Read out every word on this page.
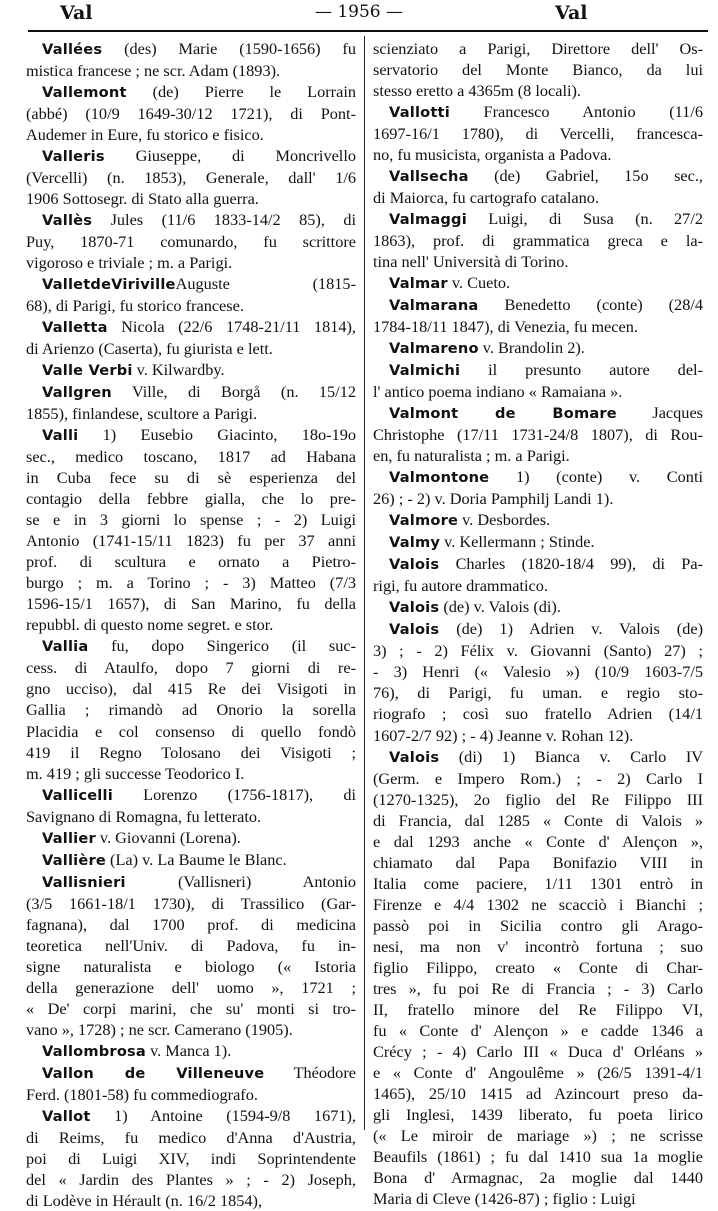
Val	— 1956 —	Val
Vallées (des) Marie (1590-1656) fu
mistica francese ; ne scr. Adam (1893).
Vallemont (de) Pierre le Lorrain
(abbé) (10/9 1649-30/12 1721), di Pont-
Audemer in Eure, fu storico e fisico.
Valleris Giuseppe, di Moncrivello
(Vercelli) (n. 1853), Generale, dall' 1/6
1906 Sottosegr. di Stato alla guerra.
Vallès Jules (11/6 1833-14/2 85), di
Puy, 1870-71 comunardo, fu scrittore
vigoroso e triviale ; m. a Parigi.
ValletdeVirivilleAuguste (1815-
68), di Parigi, fu storico francese.
Valletta Nicola (22/6 1748-21/11 1814),
di Arienzo (Caserta), fu giurista e lett.
Valle Verbi v. Kilwardby.
Vallgren Ville, di Borgå (n. 15/12
1855), finlandese, scultore a Parigi.
Valli 1) Eusebio Giacinto, 18o-19o
sec., medico toscano, 1817 ad Habana
in Cuba fece su di sè esperienza del
contagio della febbre gialla, che lo pre-
se e in 3 giorni lo spense ; - 2) Luigi
Antonio (1741-15/11 1823) fu per 37 anni
prof. di scultura e ornato a Pietro-
burgo ; m. a Torino ; - 3) Matteo (7/3
1596-15/1 1657), di San Marino, fu della
repubbl. di questo nome segret. e stor.
Vallia fu, dopo Singerico (il suc-
cess. di Ataulfo, dopo 7 giorni di re-
gno ucciso), dal 415 Re dei Visigoti in
Gallia ; rimandò ad Onorio la sorella
Placidia e col consenso di quello fondò
419 il Regno Tolosano dei Visigoti ;
m. 419 ; gli successe Teodorico I.
Vallicelli Lorenzo (1756-1817), di
Savignano di Romagna, fu letterato.
Vallier v. Giovanni (Lorena).
Vallière (La) v. La Baume le Blanc.
Vallisnieri (Vallisneri) Antonio
(3/5 1661-18/1 1730), di Trassilico (Gar-
fagnana), dal 1700 prof. di medicina
teoretica nell'Univ. di Padova, fu in-
signe naturalista e biologo (« Istoria
della generazione dell' uomo », 1721 ;
« De' corpi marini, che su' monti si tro-
vano », 1728) ; ne scr. Camerano (1905).
Vallombrosa v. Manca 1).
Vallon de Villeneuve Théodore
Ferd. (1801-58) fu commediografo.
Vallot 1) Antoine (1594-9/8 1671),
di Reims, fu medico d'Anna d'Austria,
poi di Luigi XIV, indi Soprintendente
del « Jardin des Plantes » ; - 2) Joseph,
di Lodève in Hérault (n. 16/2 1854),
scienziato a Parigi, Direttore dell' Os-
servatorio del Monte Bianco, da lui
stesso eretto a 4365m (8 locali).
Vallotti Francesco Antonio (11/6
1697-16/1 1780), di Vercelli, francesca-
no, fu musicista, organista a Padova.
Vallsecha (de) Gabriel, 15o sec.,
di Maiorca, fu cartografo catalano.
Valmaggi Luigi, di Susa (n. 27/2
1863), prof. di grammatica greca e la-
tina nell' Università di Torino.
Valmar v. Cueto.
Valmarana Benedetto (conte) (28/4
1784-18/11 1847), di Venezia, fu mecen.
Valmareno v. Brandolin 2).
Valmichi il presunto autore del-
l' antico poema indiano « Ramaiana ».
Valmont de Bomare Jacques
Christophe (17/11 1731-24/8 1807), di Rou-
en, fu naturalista ; m. a Parigi.
Valmontone 1) (conte) v. Conti
26) ; - 2) v. Doria Pamphilj Landi 1).
Valmore v. Desbordes.
Valmy v. Kellermann ; Stinde.
Valois Charles (1820-18/4 99), di Pa-
rigi, fu autore drammatico.
Valois (de) v. Valois (di).
Valois (de) 1) Adrien v. Valois (de)
3) ; - 2) Félix v. Giovanni (Santo) 27) ;
- 3) Henri (« Valesio ») (10/9 1603-7/5
76), di Parigi, fu uman. e regio sto-
riografo ; così suo fratello Adrien (14/1
1607-2/7 92) ; - 4) Jeanne v. Rohan 12).
Valois (di) 1) Bianca v. Carlo IV
(Germ. e Impero Rom.) ; - 2) Carlo I
(1270-1325), 2o figlio del Re Filippo III
di Francia, dal 1285 « Conte di Valois »
e dal 1293 anche « Conte d' Alençon »,
chiamato dal Papa Bonifazio VIII in
Italia come paciere, 1/11 1301 entrò in
Firenze e 4/4 1302 ne scacciò i Bianchi ;
passò poi in Sicilia contro gli Arago-
nesi, ma non v' incontrò fortuna ; suo
figlio Filippo, creato « Conte di Char-
tres », fu poi Re di Francia ; - 3) Carlo
II, fratello minore del Re Filippo VI,
fu « Conte d' Alençon » e cadde 1346 a
Crécy ; - 4) Carlo III « Duca d' Orléans »
e « Conte d' Angoulême » (26/5 1391-4/1
1465), 25/10 1415 ad Azincourt preso da-
gli Inglesi, 1439 liberato, fu poeta lirico
(« Le miroir de mariage ») ; ne scrisse
Beaufils (1861) ; fu dal 1410 sua 1a moglie
Bona d' Armagnac, 2a moglie dal 1440
Maria di Cleve (1426-87) ; figlio : Luigi
